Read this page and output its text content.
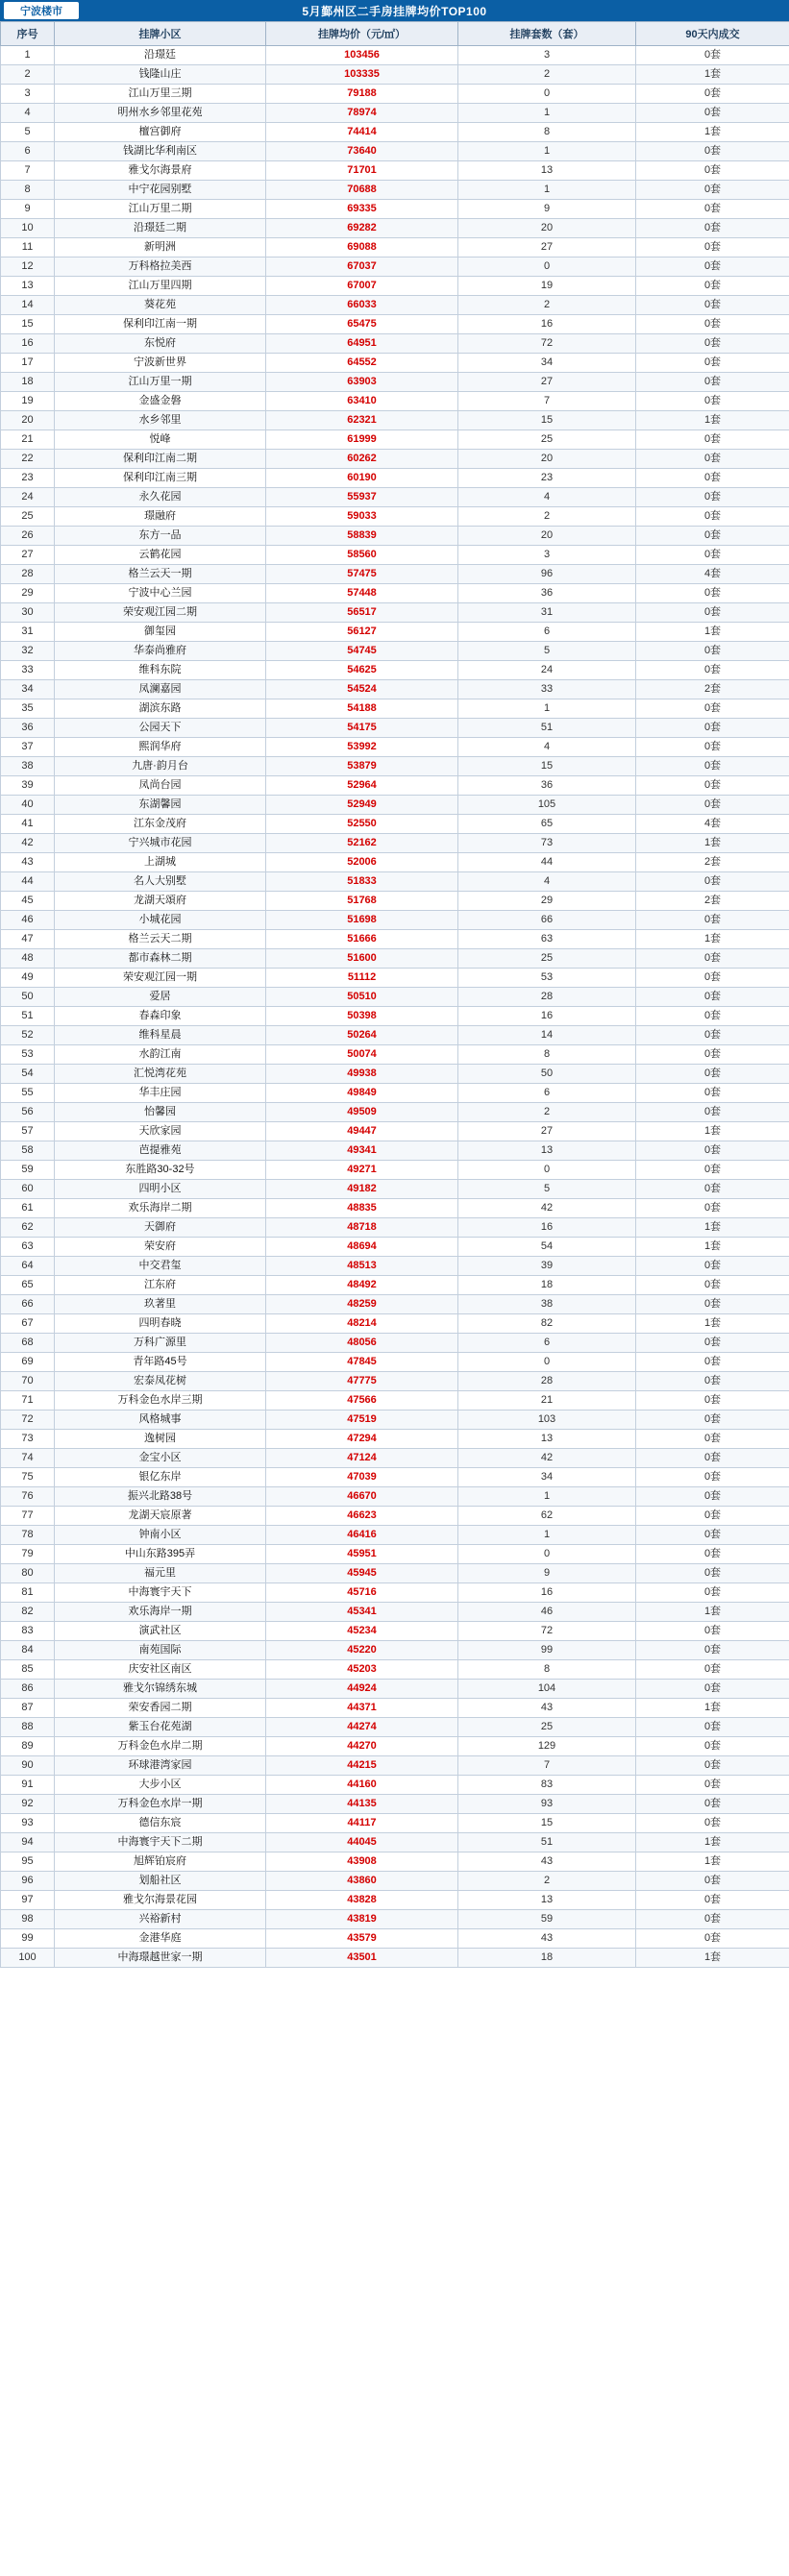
宁波楼市	5月鄞州区二手房挂牌均价TOP100
序号	挂牌小区	挂牌均价（元/㎡）	挂牌套数（套）	90天内成交
1	沿璟廷	103456	3	0套
2	钱隆山庄	103335	2	1套
3	江山万里三期	79188	0	0套
4	明州水乡邻里花苑	78974	1	0套
5	檀宫御府	74414	8	1套
6	钱湖比华利南区	73640	1	0套
7	雅戈尔海景府	71701	13	0套
8	中宁花园别墅	70688	1	0套
9	江山万里二期	69335	9	0套
10	沿璟廷二期	69282	20	0套
11	新明洲	69088	27	0套
12	万科格拉美西	67037	0	0套
13	江山万里四期	67007	19	0套
14	葵花苑	66033	2	0套
15	保利印江南一期	65475	16	0套
16	东悦府	64951	72	0套
17	宁波新世界	64552	34	0套
18	江山万里一期	63903	27	0套
19	金盛金磐	63410	7	0套
20	水乡邻里	62321	15	1套
21	悦峰	61999	25	0套
22	保利印江南二期	60262	20	0套
23	保利印江南三期	60190	23	0套
24	永久花园	55937	4	0套
25	璟融府	59033	2	0套
26	东方一品	58839	20	0套
27	云鹤花园	58560	3	0套
28	格兰云天一期	57475	96	4套
29	宁波中心兰园	57448	36	0套
30	荣安观江园二期	56517	31	0套
31	御玺园	56127	6	1套
32	华泰尚雅府	54745	5	0套
33	维科东院	54625	24	0套
34	凤澜嘉园	54524	33	2套
35	湖滨东路	54188	1	0套
36	公园天下	54175	51	0套
37	熙润华府	53992	4	0套
38	九唐·韵月台	53879	15	0套
39	凤尚台园	52964	36	0套
40	东湖馨园	52949	105	0套
41	江东金茂府	52550	65	4套
42	宁兴城市花园	52162	73	1套
43	上湖城	52006	44	2套
44	名人大别墅	51833	4	0套
45	龙湖天頌府	51768	29	2套
46	小城花园	51698	66	0套
47	格兰云天二期	51666	63	1套
48	都市森林二期	51600	25	0套
49	荣安观江园一期	51112	53	0套
50	爱居	50510	28	0套
51	春森印象	50398	16	0套
52	维科星晨	50264	14	0套
53	水韵江南	50074	8	0套
54	汇悦湾花苑	49938	50	0套
55	华丰庄园	49849	6	0套
56	怡馨园	49509	2	0套
57	天欣家园	49447	27	1套
58	芭提雅苑	49341	13	0套
59	东胜路30-32号	49271	0	0套
60	四明小区	49182	5	0套
61	欢乐海岸二期	48835	42	0套
62	天御府	48718	16	1套
63	荣安府	48694	54	1套
64	中交君玺	48513	39	0套
65	江东府	48492	18	0套
66	玖著里	48259	38	0套
67	四明春晓	48214	82	1套
68	万科广源里	48056	6	0套
69	青年路45号	47845	0	0套
70	宏泰凤花树	47775	28	0套
71	万科金色水岸三期	47566	21	0套
72	风格城事	47519	103	0套
73	逸树园	47294	13	0套
74	金宝小区	47124	42	0套
75	银亿东岸	47039	34	0套
76	振兴北路38号	46670	1	0套
77	龙湖天宸原著	46623	62	0套
78	钟南小区	46416	1	0套
79	中山东路395弄	45951	0	0套
80	福元里	45945	9	0套
81	中海寰宇天下	45716	16	0套
82	欢乐海岸一期	45341	46	1套
83	演武社区	45234	72	0套
84	南苑国际	45220	99	0套
85	庆安社区南区	45203	8	0套
86	雅戈尔锦绣东城	44924	104	0套
87	荣安香园二期	44371	43	1套
88	紫玉台花苑湖	44274	25	0套
89	万科金色水岸二期	44270	129	0套
90	环球港湾家园	44215	7	0套
91	大步小区	44160	83	0套
92	万科金色水岸一期	44135	93	0套
93	德信东宸	44117	15	0套
94	中海寰宇天下二期	44045	51	1套
95	旭辉铂宸府	43908	43	1套
96	划船社区	43860	2	0套
97	雅戈尔海景花园	43828	13	0套
98	兴裕新村	43819	59	0套
99	金港华庭	43579	43	0套
100	中海璟越世家一期	43501	18	1套
